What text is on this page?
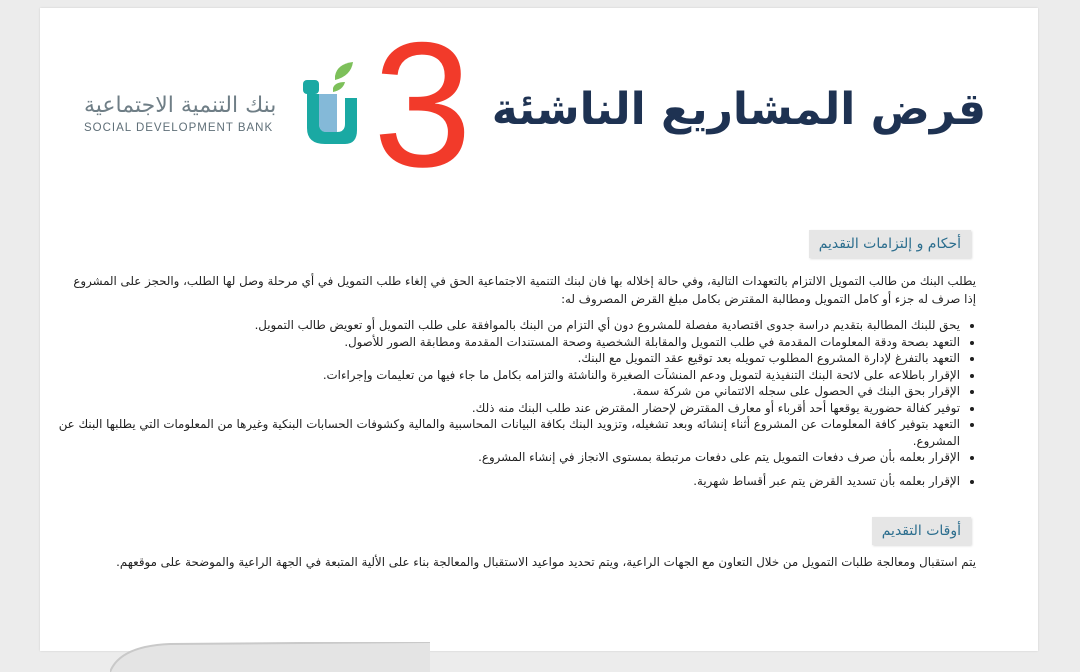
بنك التنمية الاجتماعية
SOCIAL DEVELOPMENT BANK 3 قرض المشاريع الناشئة
أحكام و إلتزامات التقديم
يطلب البنك من طالب التمويل الالتزام بالتعهدات التالية، وفي حالة إخلاله بها فان لبنك التنمية الاجتماعية الحق في إلغاء طلب التمويل في أي مرحلة وصل لها الطلب، والحجز على المشروع إذا صرف له جزء أو كامل التمويل ومطالبة المقترض بكامل مبلغ القرض المصروف له:
• يحق للبنك المطالبة بتقديم دراسة جدوى اقتصادية مفصلة للمشروع دون أي التزام من البنك بالموافقة على طلب التمويل أو تعويض طالب التمويل.
• التعهد بصحة ودقة المعلومات المقدمة في طلب التمويل والمقابلة الشخصية وصحة المستندات المقدمة ومطابقة الصور للأصول.
• التعهد بالتفرغ لإدارة المشروع المطلوب تمويله بعد توقيع عقد التمويل مع البنك.
• الإقرار باطلاعه على لائحة البنك التنفيذية لتمويل ودعم المنشآت الصغيرة والناشئة والتزامه بكامل ما جاء فيها من تعليمات وإجراءات.
• الإقرار بحق البنك في الحصول على سجله الائتماني من شركة سمة.
• توفير كفالة حضورية يوقعها أحد أقرباء أو معارف المقترض لإحضار المقترض عند طلب البنك منه ذلك.
• التعهد بتوفير كافة المعلومات عن المشروع أثناء إنشائه وبعد تشغيله، وتزويد البنك بكافة البيانات المحاسبية والمالية وكشوفات الحسابات البنكية وغيرها من المعلومات التي يطلبها البنك عن المشروع.
• الإقرار بعلمه بأن صرف دفعات التمويل يتم على دفعات مرتبطة بمستوى الانجاز في إنشاء المشروع.
• الإقرار بعلمه بأن تسديد القرض يتم عبر أقساط شهرية.
أوقات التقديم
يتم استقبال ومعالجة طلبات التمويل من خلال التعاون مع الجهات الراعية، ويتم تحديد مواعيد الاستقبال والمعالجة بناء على الألية المتبعة في الجهة الراعية والموضحة على موقعهم.
